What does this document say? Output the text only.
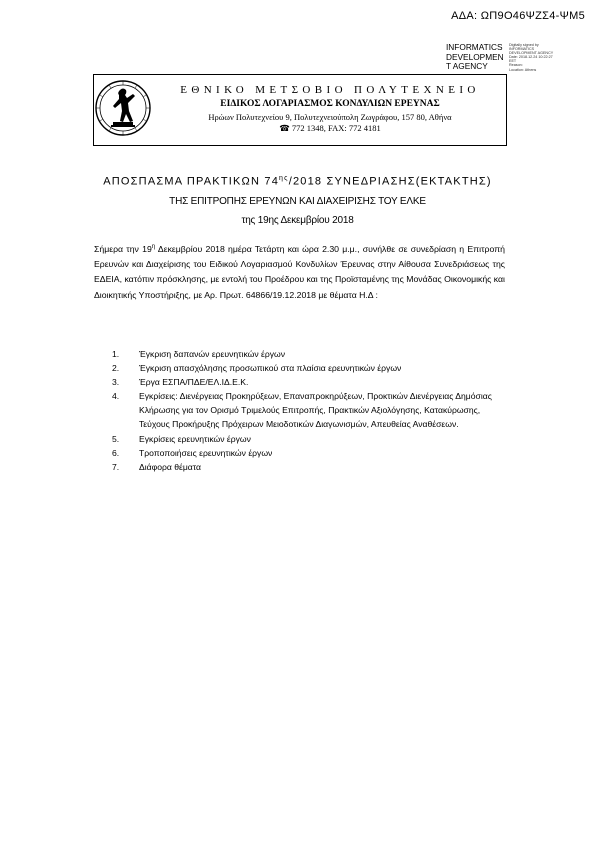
ΑΔΑ: ΩΠ9Ο46ΨΖΣ4-ΨΜ5
INFORMATICS
DEVELOPMEN
T AGENCY
Digitally signed by
INFORMATICS
DEVELOPMENT AGENCY
Date: 2018.12.24 10:22:27
EET
Reason:
Location: Athens
ΕΘΝΙΚΟ ΜΕΤΣΟΒΙΟ ΠΟΛΥΤΕΧΝΕΙΟ
ΕΙΔΙΚΟΣ ΛΟΓΑΡΙΑΣΜΟΣ ΚΟΝΔΥΛΙΩΝ ΕΡΕΥΝΑΣ
Ηρώων Πολυτεχνείου 9, Πολυτεχνειούπολη Ζωγράφου, 157 80, Αθήνα
☎ 772 1348, FAX: 772 4181
ΑΠΟΣΠΑΣΜΑ ΠΡΑΚΤΙΚΩΝ $74^{\eta\varsigma}/2018$ ΣΥΝΕΔΡΙΑΣΗΣ(ΕΚΤΑΚΤΗΣ)
ΤΗΣ ΕΠΙΤΡΟΠΗΣ ΕΡΕΥΝΩΝ ΚΑΙ ΔΙΑΧΕΙΡΙΣΗΣ ΤΟΥ ΕΛΚΕ
της 19ης Δεκεμβρίου 2018
Σήμερα την $19^\eta$ Δεκεμβρίου 2018 ημέρα Τετάρτη και ώρα 2.30 μ.μ., συνήλθε σε συνεδρίαση η Επιτροπή Ερευνών και Διαχείρισης του Ειδικού Λογαριασμού Κονδυλίων Έρευνας στην Αίθουσα Συνεδριάσεως της ΕΔΕΙΑ, κατόπιν πρόσκλησης, με εντολή του Προέδρου και της Προϊσταμένης της Μονάδας Οικονομικής και Διοικητικής Υποστήριξης, με Αρ. Πρωτ. 64866/19.12.2018 με θέματα Η.Δ :
1. Έγκριση δαπανών ερευνητικών έργων
2. Έγκριση απασχόλησης προσωπικού στα πλαίσια ερευνητικών έργων
3. Έργα ΕΣΠΑ/ΠΔΕ/ΕΛ.ΙΔ.Ε.Κ.
4. Εγκρίσεις: Διενέργειας Προκηρύξεων, Επαναπροκηρύξεων, Προκτικών Διενέργειας Δημόσιας Κλήρωσης για τον Ορισμό Τριμελούς Επιτροπής, Πρακτικών Αξιολόγησης, Κατακύρωσης, Τεύχους Προκήρυξης Πρόχειρων Μειοδοτικών Διαγωνισμών, Απευθείας Αναθέσεων.
5. Εγκρίσεις ερευνητικών έργων
6. Τροποποιήσεις ερευνητικών έργων
7. Διάφορα θέματα
